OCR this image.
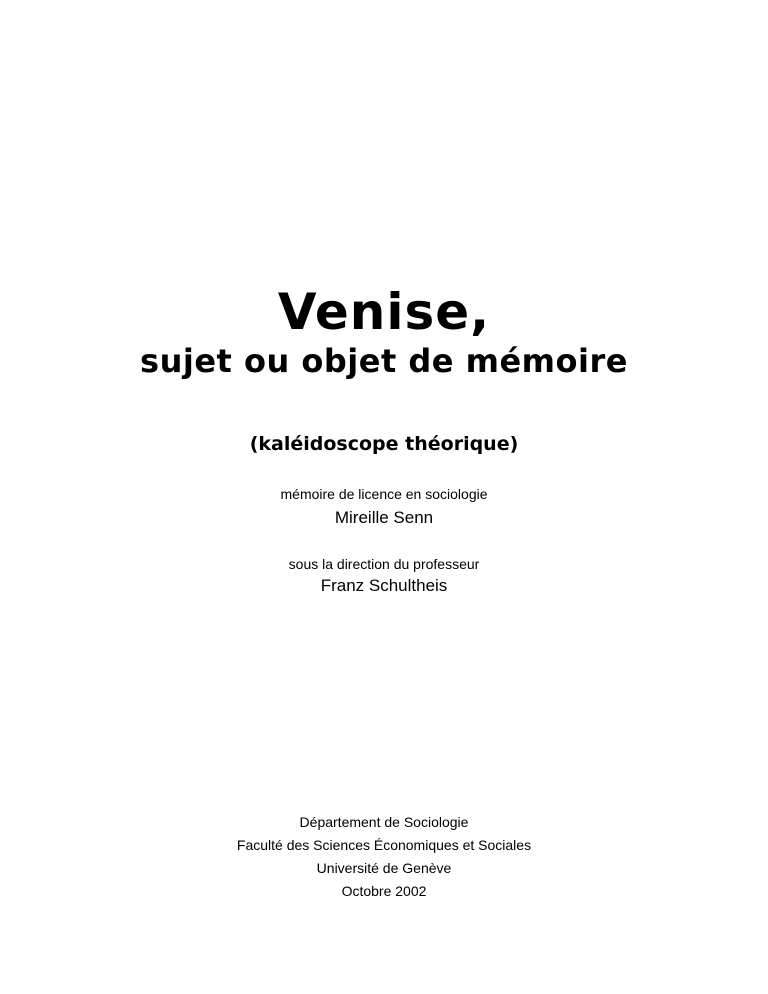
Venise,
sujet ou objet de mémoire
(kaléidoscope théorique)
mémoire de licence en sociologie
Mireille Senn
sous la direction du professeur
Franz Schultheis
Département de Sociologie
Faculté des Sciences Économiques et Sociales
Université de Genève
Octobre 2002
